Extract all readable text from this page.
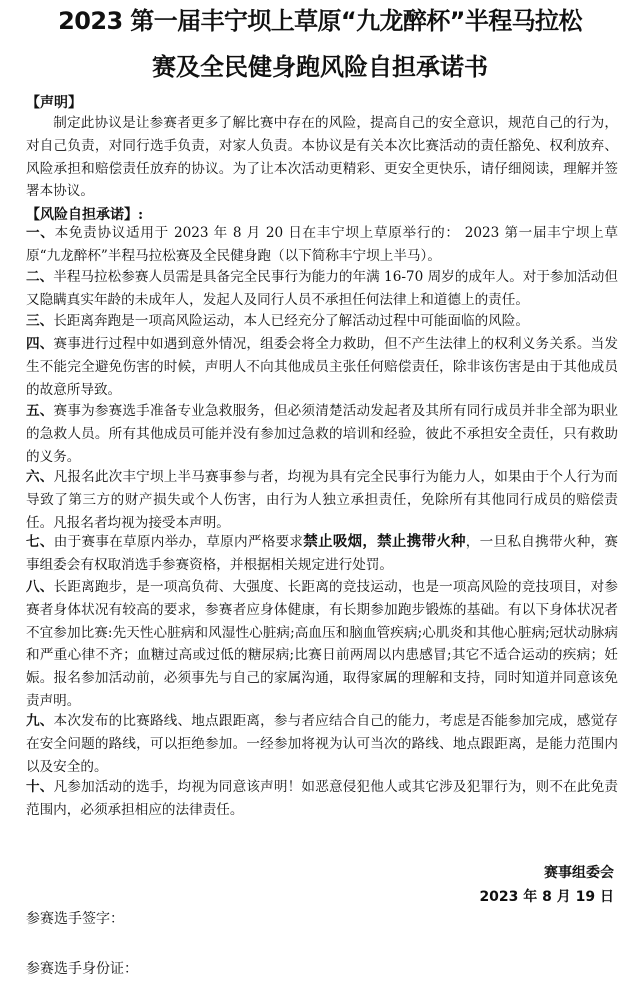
2023 第一届丰宁坝上草原“九龙醉杯”半程马拉松
赛及全民健身跑风险自担承诺书
【声明】
制定此协议是让参赛者更多了解比赛中存在的风险，提高自己的安全意识，规范自己的行为，对自己负责，对同行选手负责，对家人负责。本协议是有关本次比赛活动的责任豁免、权利放弃、风险承担和赔偿责任放弃的协议。为了让本次活动更精彩、更安全更快乐，请仔细阅读，理解并签署本协议。
【风险自担承诺】:
一、本免责协议适用于 2023 年 8 月 20 日在丰宁坝上草原举行的： 2023 第一届丰宁坝上草原“九龙醉杯”半程马拉松赛及全民健身跑（以下简称丰宁坝上半马）。
二、半程马拉松参赛人员需是具备完全民事行为能力的年满 16-70 周岁的成年人。对于参加活动但又隐瞒真实年龄的未成年人，发起人及同行人员不承担任何法律上和道德上的责任。
三、长距离奔跑是一项高风险运动，本人已经充分了解活动过程中可能面临的风险。
四、赛事进行过程中如遇到意外情况，组委会将全力救助，但不产生法律上的权利义务关系。当发生不能完全避免伤害的时候，声明人不向其他成员主张任何赔偿责任，除非该伤害是由于其他成员的故意所导致。
五、赛事为参赛选手准备专业急救服务，但必须清楚活动发起者及其所有同行成员并非全部为职业的急救人员。所有其他成员可能并没有参加过急救的培训和经验，彼此不承担安全责任，只有救助的义务。
六、凡报名此次丰宁坝上半马赛事参与者，均视为具有完全民事行为能力人，如果由于个人行为而导致了第三方的财产损失或个人伤害，由行为人独立承担责任，免除所有其他同行成员的赔偿责任。凡报名者均视为接受本声明。
七、由于赛事在草原内举办，草原内严格要求禁止吸烟，禁止携带火种，一旦私自携带火种，赛事组委会有权取消选手参赛资格，并根据相关规定进行处罚。
八、长距离跑步，是一项高负荷、大强度、长距离的竞技运动，也是一项高风险的竞技项目，对参赛者身体状况有较高的要求，参赛者应身体健康，有长期参加跑步锻炼的基础。有以下身体状况者不宜参加比赛:先天性心脏病和风湿性心脏病;高血压和脑血管疾病;心肌炎和其他心脏病;冠状动脉病和严重心律不齐；血糖过高或过低的糖尿病;比赛日前两周以内患感冒;其它不适合运动的疾病；妊娠。报名参加活动前，必须事先与自己的家属沟通，取得家属的理解和支持，同时知道并同意该免责声明。
九、本次发布的比赛路线、地点跟距离，参与者应结合自己的能力，考虑是否能参加完成，感觉存在安全问题的路线，可以拒绝参加。一经参加将视为认可当次的路线、地点跟距离，是能力范围内以及安全的。
十、凡参加活动的选手，均视为同意该声明！如恶意侵犯他人或其它涉及犯罪行为，则不在此免责范围内，必须承担相应的法律责任。
赛事组委会
2023 年 8 月 19 日
参赛选手签字：
参赛选手身份证：
